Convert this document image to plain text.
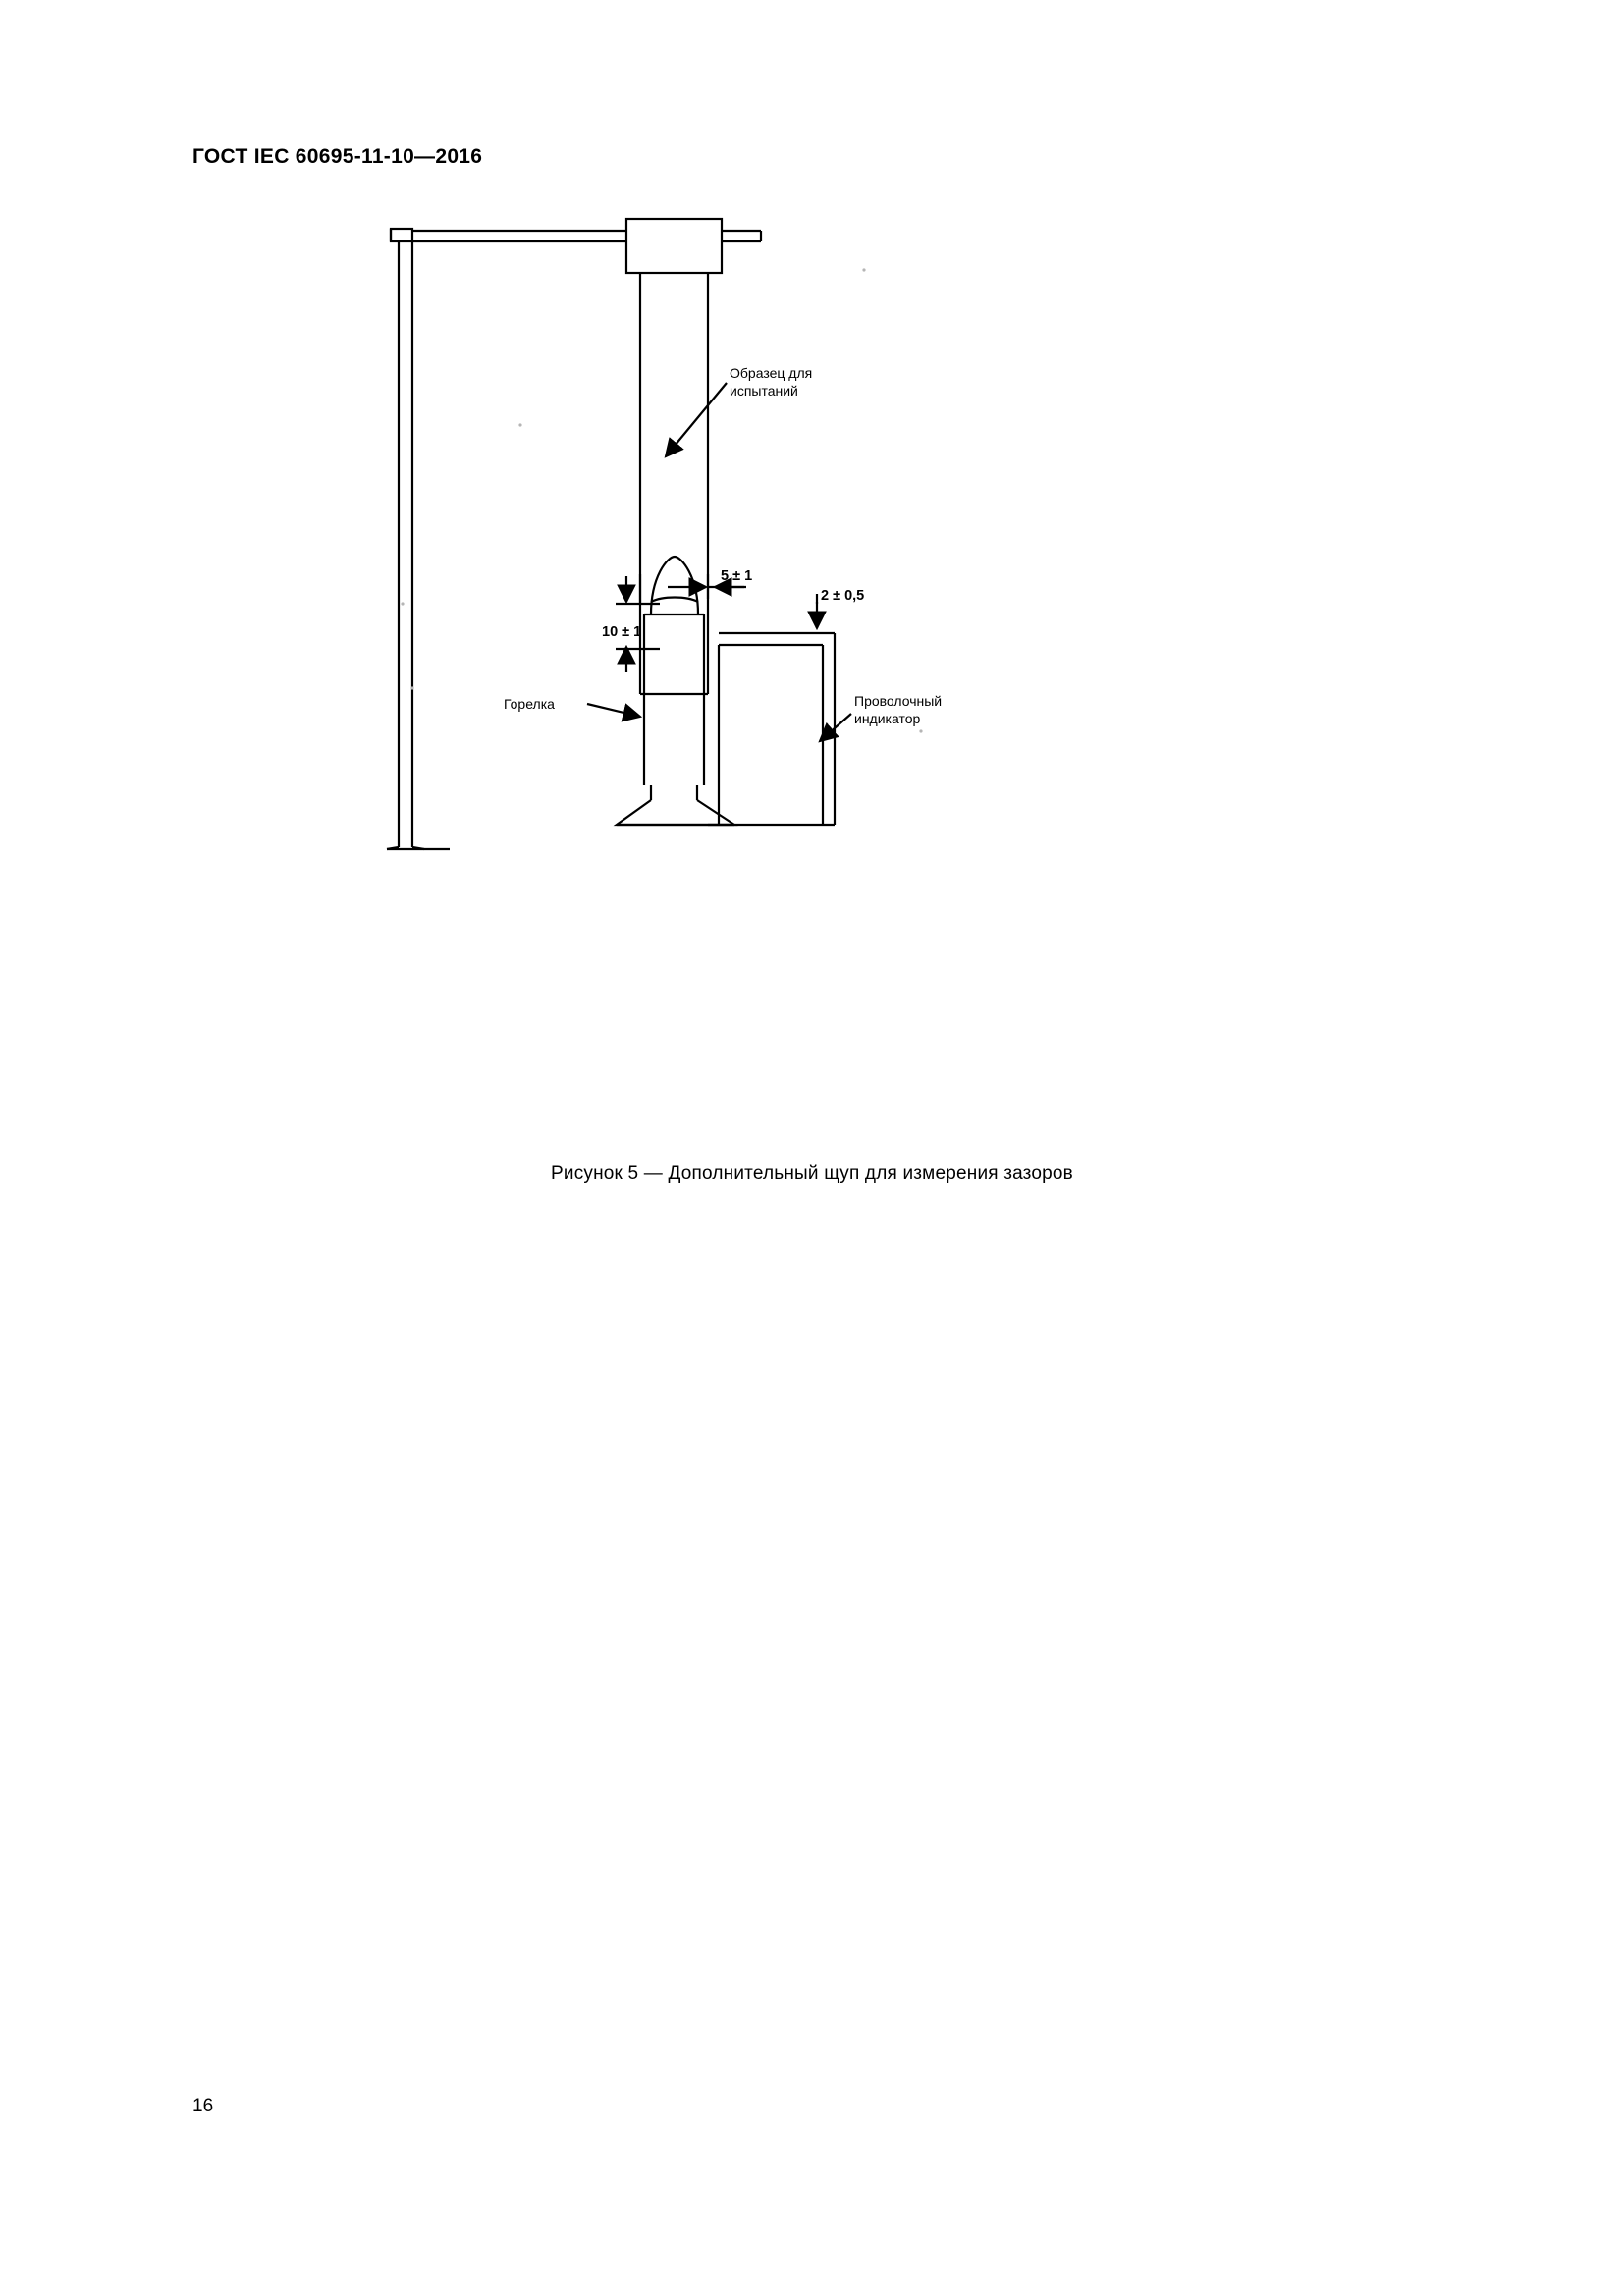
ГОСТ IEC 60695-11-10—2016
Образец для
испытаний
Горелка	Проволочный
индикатор
5 ± 1
2 ± 0,5
10 ± 1
Рисунок 5 — Дополнительный щуп для измерения зазоров
16
